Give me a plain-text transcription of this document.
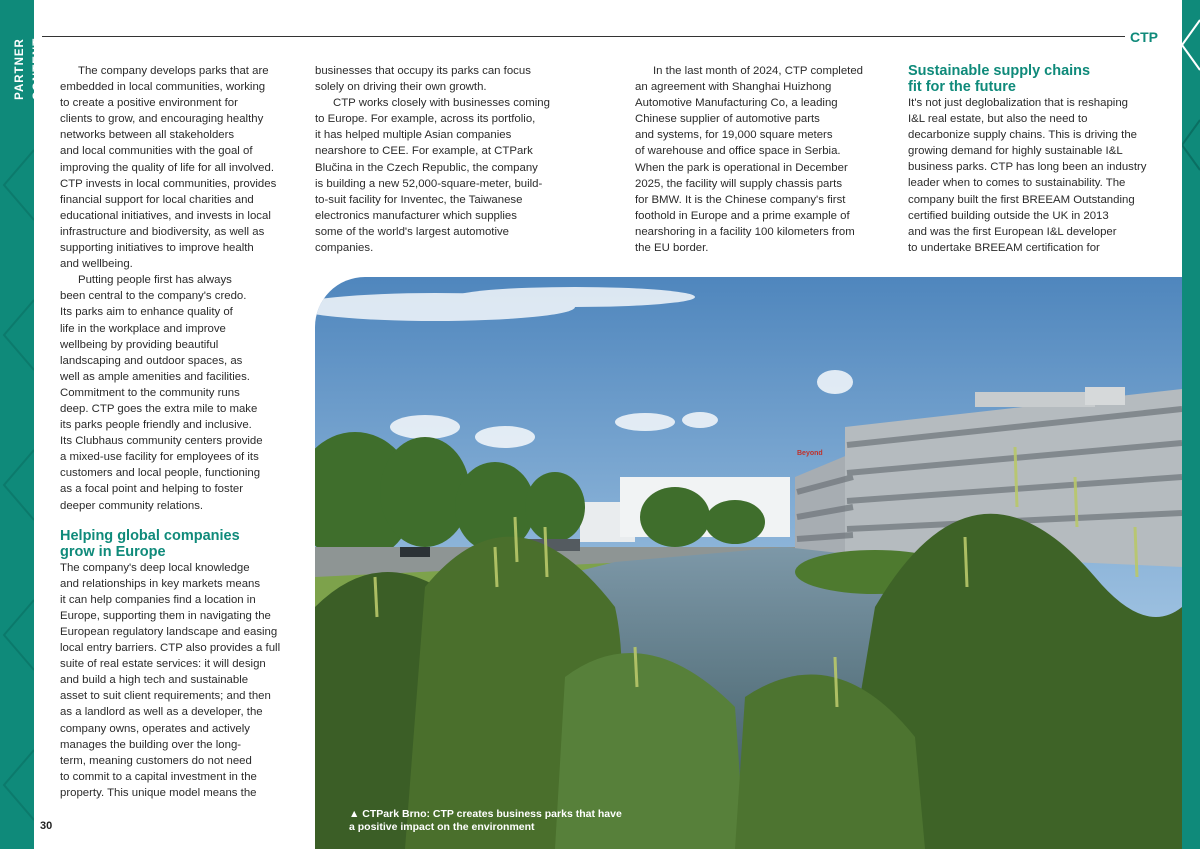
PARTNER CONTENT
CTP

The company develops parks that are
embedded in local communities, working
to create a positive environment for
clients to grow, and encouraging healthy
networks between all stakeholders
and local communities with the goal of
improving the quality of life for all involved.
CTP invests in local communities, provides
financial support for local charities and
educational initiatives, and invests in local
infrastructure and biodiversity, as well as
supporting initiatives to improve health
and wellbeing.

Putting people first has always
been central to the company's credo.
Its parks aim to enhance quality of
life in the workplace and improve
wellbeing by providing beautiful
landscaping and outdoor spaces, as
well as ample amenities and facilities.
Commitment to the community runs
deep. CTP goes the extra mile to make
its parks people friendly and inclusive.
Its Clubhaus community centers provide
a mixed-use facility for employees of its
customers and local people, functioning
as a focal point and helping to foster
deeper community relations.

Helping global companies
grow in Europe

The company's deep local knowledge
and relationships in key markets means
it can help companies find a location in
Europe, supporting them in navigating the
European regulatory landscape and easing
local entry barriers. CTP also provides a full
suite of real estate services: it will design
and build a high tech and sustainable
asset to suit client requirements; and then
as a landlord as well as a developer, the
company owns, operates and actively
manages the building over the long-
term, meaning customers do not need
to commit to a capital investment in the
property. This unique model means the

businesses that occupy its parks can focus
solely on driving their own growth.

CTP works closely with businesses coming
to Europe. For example, across its portfolio,
it has helped multiple Asian companies
nearshore to CEE. For example, at CTPark
Blučina in the Czech Republic, the company
is building a new 52,000-square-meter, build-
to-suit facility for Inventec, the Taiwanese
electronics manufacturer which supplies
some of the world's largest automotive
companies.

In the last month of 2024, CTP completed
an agreement with Shanghai Huizhong
Automotive Manufacturing Co, a leading
Chinese supplier of automotive parts
and systems, for 19,000 square meters
of warehouse and office space in Serbia.
When the park is operational in December
2025, the facility will supply chassis parts
for BMW. It is the Chinese company's first
foothold in Europe and a prime example of
nearshoring in a facility 100 kilometers from
the EU border.

Sustainable supply chains
fit for the future

It's not just deglobalization that is reshaping
I&L real estate, but also the need to
decarbonize supply chains. This is driving the
growing demand for highly sustainable I&L
business parks. CTP has long been an industry
leader when to comes to sustainability. The
company built the first BREEAM Outstanding
certified building outside the UK in 2013
and was the first European I&L developer
to undertake BREEAM certification for

Beyond
▲ CTPark Brno: CTP creates business parks that have
a positive impact on the environment
30
